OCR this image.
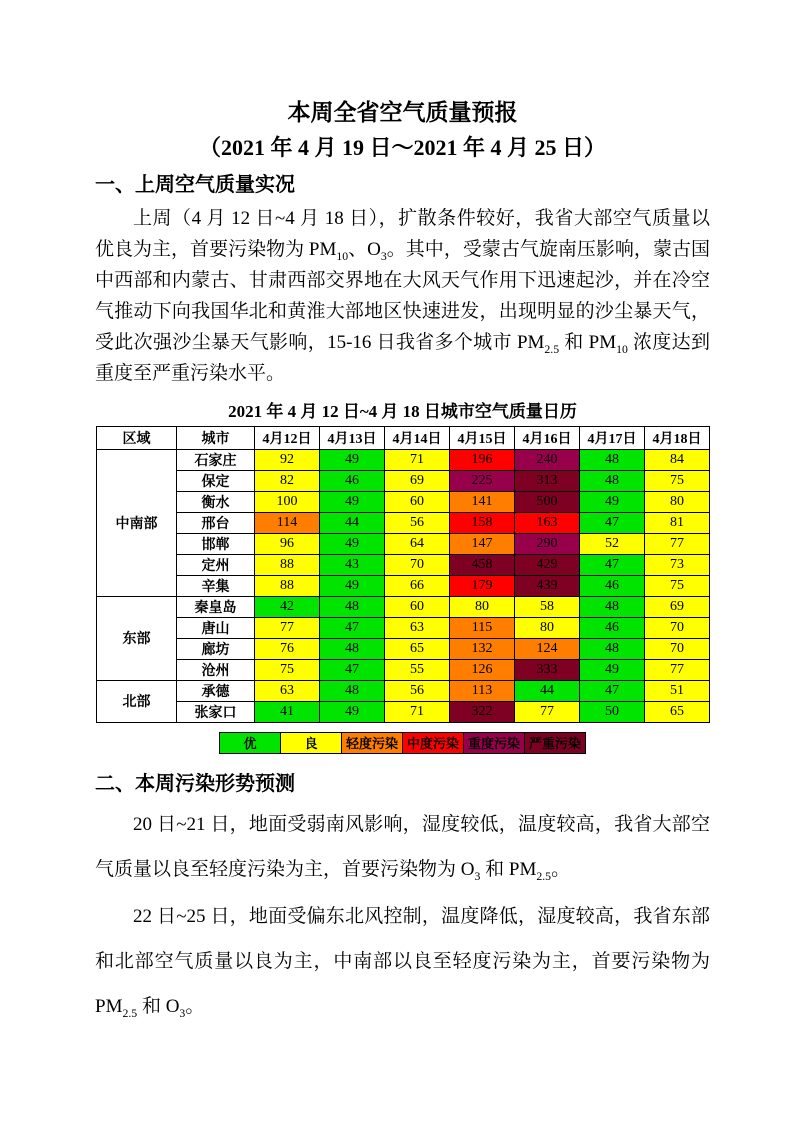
本周全省空气质量预报
（2021 年 4 月 19 日～2021 年 4 月 25 日）
一、上周空气质量实况

上周（4 月 12 日~4 月 18 日），扩散条件较好，我省大部空气质量以优良为主，首要污染物为 $PM_{10}$、$O_3$。其中，受蒙古气旋南压影响，蒙古国中西部和内蒙古、甘肃西部交界地在大风天气作用下迅速起沙，并在冷空气推动下向我国华北和黄淮大部地区快速进发，出现明显的沙尘暴天气，受此次强沙尘暴天气影响，15-16 日我省多个城市 $PM_{2.5}$ 和 $PM_{10}$ 浓度达到重度至严重污染水平。

2021 年 4 月 12 日~4 月 18 日城市空气质量日历
区域	城市	4月12日	4月13日	4月14日	4月15日	4月16日	4月17日	4月18日
中南部	石家庄	92	49	71	196	240	48	84
	保定	82	46	69	225	313	48	75
	衡水	100	49	60	141	500	49	80
	邢台	114	44	56	158	163	47	81
	邯郸	96	49	64	147	290	52	77
	定州	88	43	70	458	429	47	73
	辛集	88	49	66	179	439	46	75
东部	秦皇岛	42	48	60	80	58	48	69
	唐山	77	47	63	115	80	46	70
	廊坊	76	48	65	132	124	48	70
	沧州	75	47	55	126	333	49	77
北部	承德	63	48	56	113	44	47	51
	张家口	41	49	71	322	77	50	65
优	良	轻度污染 中度污染 重度污染 严重污染
二、本周污染形势预测

20 日~21 日，地面受弱南风影响，湿度较低，温度较高，我省大部空气质量以良至轻度污染为主，首要污染物为 $O_3$ 和 $PM_{2.5}$。

22 日~25 日，地面受偏东北风控制，温度降低，湿度较高，我省东部和北部空气质量以良为主，中南部以良至轻度污染为主，首要污染物为 $PM_{2.5}$ 和 $O_3$。
